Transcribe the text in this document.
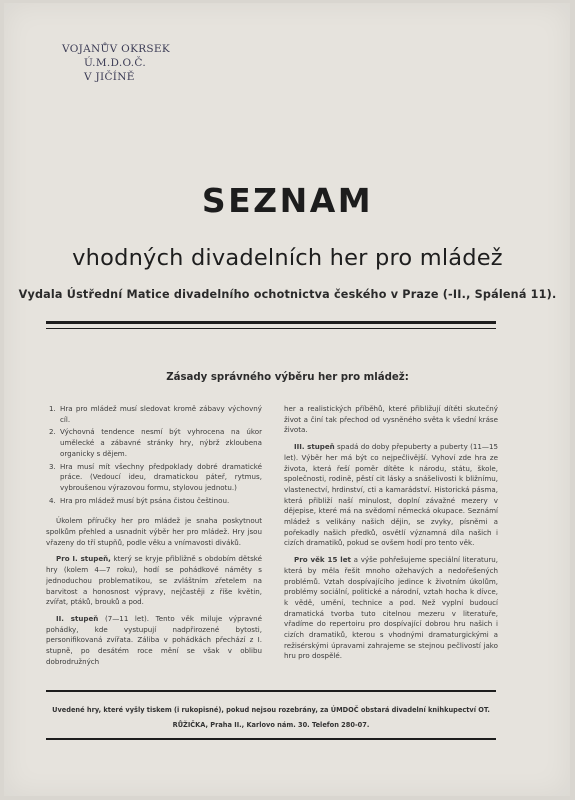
VOJANŮV OKRSEK
Ú.M.D.O.Č.
V JIČÍNĚ
SEZNAM
vhodných divadelních her pro mládež
Vydala Ústřední Matice divadelního ochotnictva českého v Praze (-II., Spálená 11).
Zásady správného výběru her pro mládež:
1. Hra pro mládež musí sledovat kromě zábavy výchovný cíl.
2. Výchovná tendence nesmí být vyhrocena na úkor umělecké a zábavné stránky hry, nýbrž zkloubena organicky s dějem.
3. Hra musí mít všechny předpoklady dobré dramatické práce. (Vedoucí ideu, dramatickou páteř, rytmus, vybroušenou výrazovou formu, stylovou jednotu.)
4. Hra pro mládež musí být psána čistou češtinou.

Úkolem příručky her pro mládež je snaha poskytnout spolkům přehled a usnadnit výběr her pro mládež. Hry jsou vřazeny do tří stupňů, podle věku a vnímavosti diváků.

Pro I. stupeň, který se kryje přibližně s obdobím dětské hry (kolem 4—7 roku), hodí se pohádkové náměty s jednoduchou problematikou, se zvláštním zřetelem na barvitost a honosnost výpravy, nejčastěji z říše květin, zvířat, ptáků, brouků a pod.

II. stupeň (7—11 let). Tento věk miluje výpravné pohádky, kde vystupují nadpřirozené bytosti, personifikovaná zvířata. Záliba v pohádkách přechází z I. stupně, po desátém roce mění se však v oblibu dobrodružných

her a realistických příběhů, které přibližují dítěti skutečný život a činí tak přechod od vysněného světa k všední kráse života.

III. stupeň spadá do doby přepuberty a puberty (11—15 let). Výběr her má být co nejpečlivější. Vyhoví zde hra ze života, která řeší poměr dítěte k národu, státu, škole, společnosti, rodině, pěstí cit lásky a snášelivosti k bližnímu, vlastenectví, hrdinství, cti a kamarádství. Historická pásma, která přibliží naší minulost, doplní závažné mezery v dějepise, které má na svědomí německá okupace. Seznámí mládež s velikány našich dějin, se zvyky, písněmi a pořekadly našich předků, osvětlí významná díla našich i cizích dramatiků, pokud se ovšem hodí pro tento věk.

Pro věk 15 let a výše pohřešujeme speciální literaturu, která by měla řešit mnoho ožehavých a nedořešených problémů. Vztah dospívajícího jedince k životním úkolům, problémy sociální, politické a národní, vztah hocha k dívce, k vědě, umění, technice a pod. Než vyplní budoucí dramatická tvorba tuto citelnou mezeru v literatuře, vřadíme do repertoiru pro dospívající dobrou hru našich i cizích dramatiků, kterou s vhodnými dramaturgickými a režisérskými úpravami zahrajeme se stejnou pečlivostí jako hru pro dospělé.

Uvedené hry, které vyšly tiskem (i rukopisné), pokud nejsou rozebrány, za ÚMDOČ obstará divadelní knihkupectví OT. RŮŽIČKA, Praha II., Karlovo nám. 30. Telefon 280-07.
